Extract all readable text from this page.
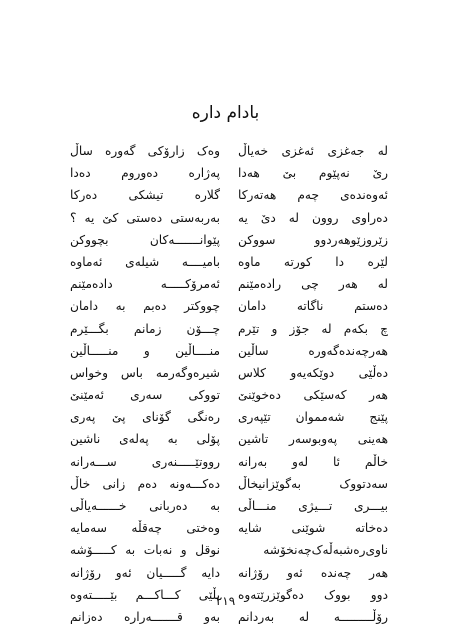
بادام داره
لە جەغزی ئەغزی خەیاڵ
وەک زارۆکی گەورە ساڵ
رێ نەپێوم بێ هەدا
پەژارە دەوروم دەدا
ئەوەندەی چەم هەتەرکا
گلارە تیشکی دەرکا
دەراوی روون لە دێ یە
بەربەستی دەستی کێ یە ؟
زێروزێوهەردوو سووکن
پێوانـــــــەکان بچووکن
لێرە دا کورتە ماوە
بامیــــە شیلەی ئەماوە
لە هەر چی رادەمێنم
ئەمرۆکـــــە دادەمێنم
دەستم ناگاتە دامان
چووکتر دەبم بە دامان
چ بکەم لە جۆز و تێرم
چـــۆن زمانم بگـــێرم
هەرچەندەگەورە ساڵین
منــــاڵین و منـــــاڵین
دەڵێی دوێکەیەو کلاس
شیرەوگەرمە باس وخواس
هەر کەسێکی دەخوێنێ
تووکی سەری ئەمێنێ
پێنج شەمموان تێپەری
رەنگی گۆنای پێ پەری
هەینی پەوبوسەر تاشین
پۆلی بە پەلەی ناشین
خاڵم ئا لەو بەرانە
رووتێـــــنەری ســـەرانە
سەدتووک بەگوێزانیخاڵ
دەکـــەونە دەم زانی خاڵ
بیـــری تـــیژی منـــاڵی
بە دەربانی خــــــەیاڵی
دەخاتە شوێنی شایە
وەختی چەقڵە سەمایە
ناوی‌رەشبەڵەک‌چەنخۆشە
نوقل و نەبات بە کـــــۆشە
هەر چەندە ئەو رۆژانە
دایە گـــــیان ئەو رۆژانە
دوو بووک دەگوێزرێتەوە
بڵێی کـــاکـــم بێـــــتەوە
رۆڵـــــــــە لە بەردانم
بەو قـــــــەرارە دەزانم
٢١٩
